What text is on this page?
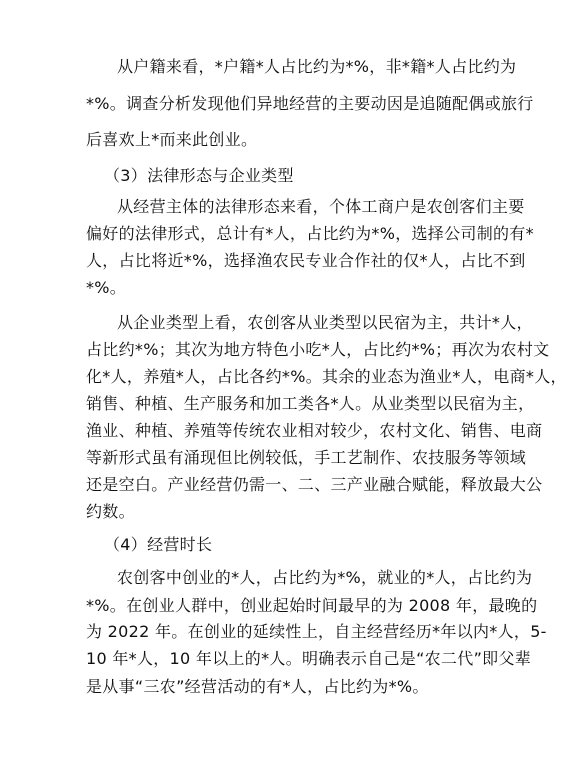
从户籍来看，*户籍*人占比约为*%，非*籍*人占比约为
*%。调查分析发现他们异地经营的主要动因是追随配偶或旅行
后喜欢上*而来此创业。
（3）法律形态与企业类型
从经营主体的法律形态来看，个体工商户是农创客们主要
偏好的法律形式，总计有*人，占比约为*%，选择公司制的有*
人，占比将近*%，选择渔农民专业合作社的仅*人，占比不到
*%。
从企业类型上看，农创客从业类型以民宿为主，共计*人，
占比约*%；其次为地方特色小吃*人，占比约*%；再次为农村文
化*人，养殖*人，占比各约*%。其余的业态为渔业*人，电商*人，
销售、种植、生产服务和加工类各*人。从业类型以民宿为主，
渔业、种植、养殖等传统农业相对较少，农村文化、销售、电商
等新形式虽有涌现但比例较低，手工艺制作、农技服务等领域
还是空白。产业经营仍需一、二、三产业融合赋能，释放最大公
约数。
（4）经营时长
农创客中创业的*人，占比约为*%，就业的*人，占比约为
*%。在创业人群中，创业起始时间最早的为 2008 年，最晚的
为 2022 年。在创业的延续性上，自主经营经历*年以内*人，5-
10 年*人，10 年以上的*人。明确表示自己是“农二代”即父辈
是从事“三农”经营活动的有*人，占比约为*%。
